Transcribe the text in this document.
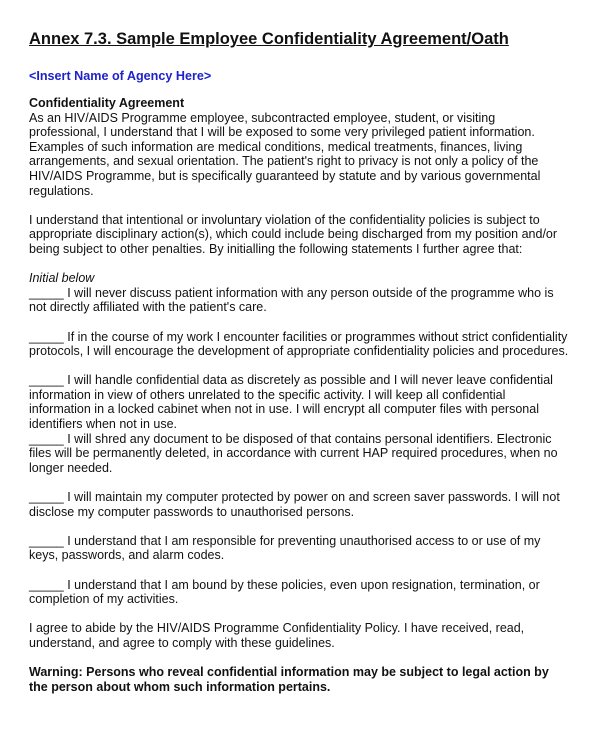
Annex 7.3. Sample Employee Confidentiality Agreement/Oath
<Insert Name of Agency Here>
Confidentiality Agreement
As an HIV/AIDS Programme employee, subcontracted employee, student, or visiting
professional, I understand that I will be exposed to some very privileged patient information.
Examples of such information are medical conditions, medical treatments, finances, living
arrangements, and sexual orientation. The patient's right to privacy is not only a policy of the
HIV/AIDS Programme, but is specifically guaranteed by statute and by various governmental
regulations.
I understand that intentional or involuntary violation of the confidentiality policies is subject to
appropriate disciplinary action(s), which could include being discharged from my position and/or
being subject to other penalties. By initialling the following statements I further agree that:
Initial below
_____ I will never discuss patient information with any person outside of the programme who is
not directly affiliated with the patient's care.
_____ If in the course of my work I encounter facilities or programmes without strict confidentiality
protocols, I will encourage the development of appropriate confidentiality policies and procedures.
_____ I will handle confidential data as discretely as possible and I will never leave confidential
information in view of others unrelated to the specific activity. I will keep all confidential
information in a locked cabinet when not in use. I will encrypt all computer files with personal
identifiers when not in use.
_____ I will shred any document to be disposed of that contains personal identifiers. Electronic
files will be permanently deleted, in accordance with current HAP required procedures, when no
longer needed.
_____ I will maintain my computer protected by power on and screen saver passwords. I will not
disclose my computer passwords to unauthorised persons.
_____ I understand that I am responsible for preventing unauthorised access to or use of my
keys, passwords, and alarm codes.
_____ I understand that I am bound by these policies, even upon resignation, termination, or
completion of my activities.
I agree to abide by the HIV/AIDS Programme Confidentiality Policy. I have received, read,
understand, and agree to comply with these guidelines.
Warning: Persons who reveal confidential information may be subject to legal action by
the person about whom such information pertains.
